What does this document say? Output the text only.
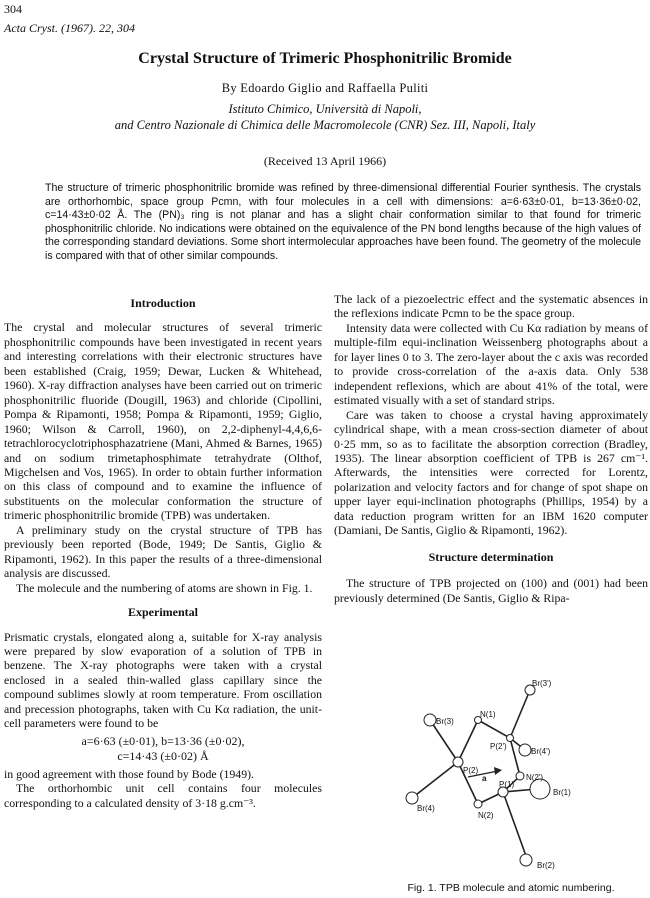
304
Acta Cryst. (1967). 22, 304
Crystal Structure of Trimeric Phosphonitrilic Bromide
By Edoardo Giglio and Raffaella Puliti
Istituto Chimico, Università di Napoli,
and Centro Nazionale di Chimica delle Macromolecole (CNR) Sez. III, Napoli, Italy
(Received 13 April 1966)
The structure of trimeric phosphonitrilic bromide was refined by three-dimensional differential Fourier synthesis. The crystals are orthorhombic, space group Pcmn, with four molecules in a cell with dimensions: a=6·63±0·01, b=13·36±0·02, c=14·43±0·02 Å. The (PN)₃ ring is not planar and has a slight chair conformation similar to that found for trimeric phosphonitrilic chloride. No indications were obtained on the equivalence of the PN bond lengths because of the high values of the corresponding standard deviations. Some short intermolecular approaches have been found. The geometry of the molecule is compared with that of other similar compounds.
Introduction

The crystal and molecular structures of several trimeric phosphonitrilic compounds have been investigated in recent years and interesting correlations with their electronic structures have been established (Craig, 1959; Dewar, Lucken & Whitehead, 1960). X-ray diffraction analyses have been carried out on trimeric phosphonitrilic fluoride (Dougill, 1963) and chloride (Cipollini, Pompa & Ripamonti, 1958; Pompa & Ripamonti, 1959; Giglio, 1960; Wilson & Carroll, 1960), on 2,2-diphenyl-4,4,6,6-tetrachlorocyclotriphosphazatriene (Mani, Ahmed & Barnes, 1965) and on sodium trimetaphosphimate tetrahydrate (Olthof, Migchelsen and Vos, 1965). In order to obtain further information on this class of compound and to examine the influence of substituents on the molecular conformation the structure of trimeric phosphonitrilic bromide (TPB) was undertaken.

A preliminary study on the crystal structure of TPB has previously been reported (Bode, 1949; De Santis, Giglio & Ripamonti, 1962). In this paper the results of a three-dimensional analysis are discussed.

The molecule and the numbering of atoms are shown in Fig. 1.

Experimental

Prismatic crystals, elongated along a, suitable for X-ray analysis were prepared by slow evaporation of a solution of TPB in benzene. The X-ray photographs were taken with a crystal enclosed in a sealed thin-walled glass capillary since the compound sublimes slowly at room temperature. From oscillation and precession photographs, taken with Cu Kα radiation, the unit-cell parameters were found to be

a=6·63 (±0·01), b=13·36 (±0·02),
c=14·43 (±0·02) Å

in good agreement with those found by Bode (1949).

The orthorhombic unit cell contains four molecules corresponding to a calculated density of 3·18 g.cm⁻³.

The lack of a piezoelectric effect and the systematic absences in the reflexions indicate Pcmn to be the space group.

Intensity data were collected with Cu Kα radiation by means of multiple-film equi-inclination Weissenberg photographs about a for layer lines 0 to 3. The zero-layer about the c axis was recorded to provide cross-correlation of the a-axis data. Only 538 independent reflexions, which are about 41% of the total, were estimated visually with a set of standard strips.

Care was taken to choose a crystal having approximately cylindrical shape, with a mean cross-section diameter of about 0·25 mm, so as to facilitate the absorption correction (Bradley, 1935). The linear absorption coefficient of TPB is 267 cm⁻¹. Afterwards, the intensities were corrected for Lorentz, polarization and velocity factors and for change of spot shape on upper layer equi-inclination photographs (Phillips, 1954) by a data reduction program written for an IBM 1620 computer (Damiani, De Santis, Giglio & Ripamonti, 1962).

Structure determination

The structure of TPB projected on (100) and (001) had been previously determined (De Santis, Giglio & Ripa-

Br(3')
Br(3)
N(1)
P(2')
Br(4')
P(2)
N(2')
P(1)
Br(1)
a
Br(4)
N(2)
Br(2)
Fig. 1. TPB molecule and atomic numbering.
